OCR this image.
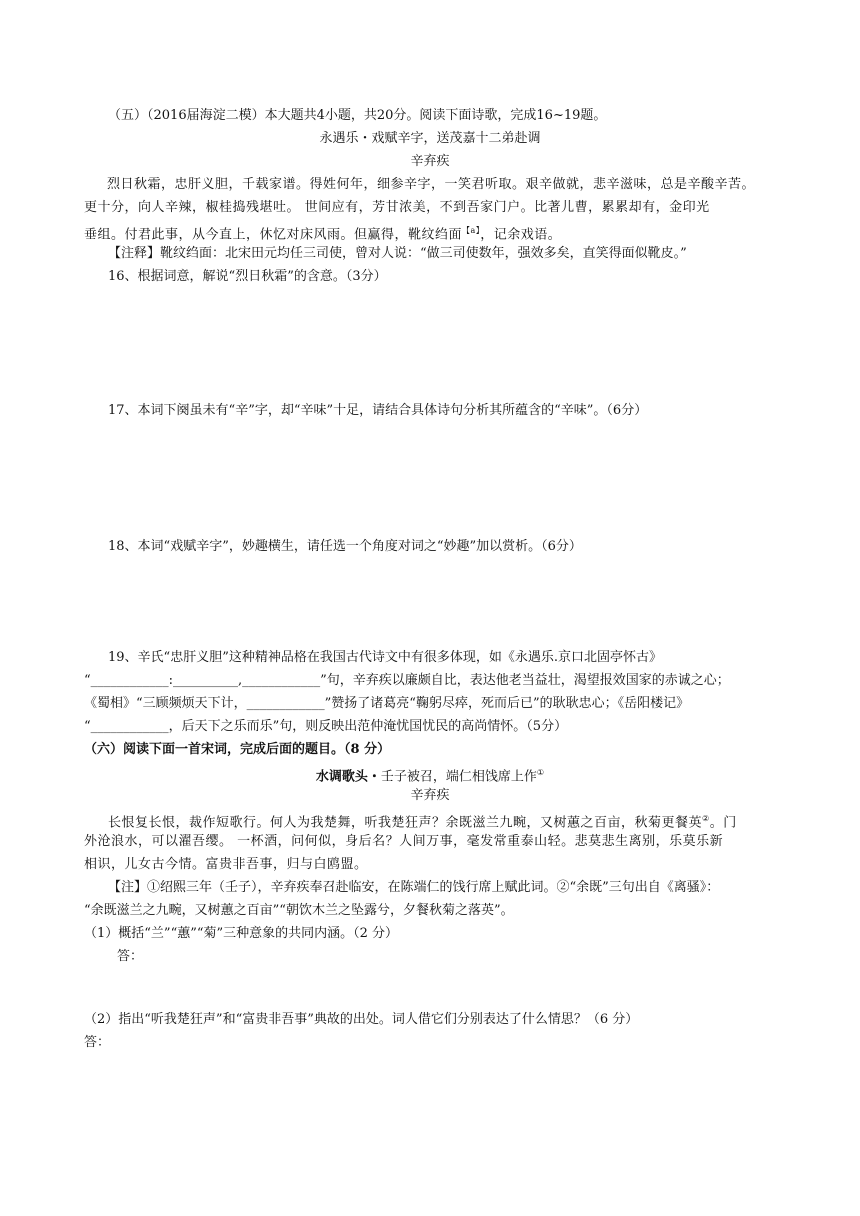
（五）（2016届海淀二模）本大题共4小题，共20分。阅读下面诗歌，完成16~19题。
永遇乐・戏赋辛字，送茂嘉十二弟赴调
辛弃疾
烈日秋霜，忠肝义胆，千载家谱。得姓何年，细参辛字，一笑君听取。艰辛做就，悲辛滋味，总是辛酸辛苦。
更十分，向人辛辣，椒桂捣残堪吐。 世间应有，芳甘浓美，不到吾家门户。比著儿曹，累累却有，金印光
垂组。付君此事，从今直上，休忆对床风雨。但赢得，靴纹绉面$^{【a】}$，记余戏语。
【注释】靴纹绉面：北宋田元均任三司使，曾对人说：“做三司使数年，强效多矣，直笑得面似靴皮。”
16、根据词意，解说“烈日秋霜”的含意。（3分）
17、本词下阕虽未有“辛”字，却“辛味”十足，请结合具体诗句分析其所蕴含的“辛味”。（6分）
18、本词“戏赋辛字”，妙趣横生，请任选一个角度对词之“妙趣”加以赏析。（6分）
19、辛氏“忠肝义胆”这种精神品格在我国古代诗文中有很多体现，如《永遇乐.京口北固亭怀古》
“____________:__________,____________”句，辛弃疾以廉颇自比，表达他老当益壮，渴望报效国家的赤诚之心；
《蜀相》“三顾频烦天下计，____________”赞扬了诸葛亮“鞠躬尽瘁，死而后已”的耿耿忠心；《岳阳楼记》
“____________，后天下之乐而乐”句，则反映出范仲淹忧国忧民的高尚情怀。（5分）
（六）阅读下面一首宋词，完成后面的题目。（8 分）
水调歌头・壬子被召，端仁相饯席上作①
辛弃疾
长恨复长恨，裁作短歌行。何人为我楚舞，听我楚狂声？余既滋兰九畹，又树蕙之百亩，秋菊更餐英②。门
外沧浪水，可以濯吾缨。 一杯酒，问何似，身后名？人间万事，毫发常重泰山轻。悲莫悲生离别，乐莫乐新
相识，儿女古今情。富贵非吾事，归与白鸥盟。
【注】①绍熙三年（壬子），辛弃疾奉召赴临安，在陈端仁的饯行席上赋此词。②“余既”三句出自《离骚》：
“余既滋兰之九畹，又树蕙之百亩”“朝饮木兰之坠露兮，夕餐秋菊之落英”。
（1）概括“兰”“蕙”“菊”三种意象的共同内涵。（2 分）
答：
（2）指出“听我楚狂声”和“富贵非吾事”典故的出处。词人借它们分别表达了什么情思？（6 分）
答：
